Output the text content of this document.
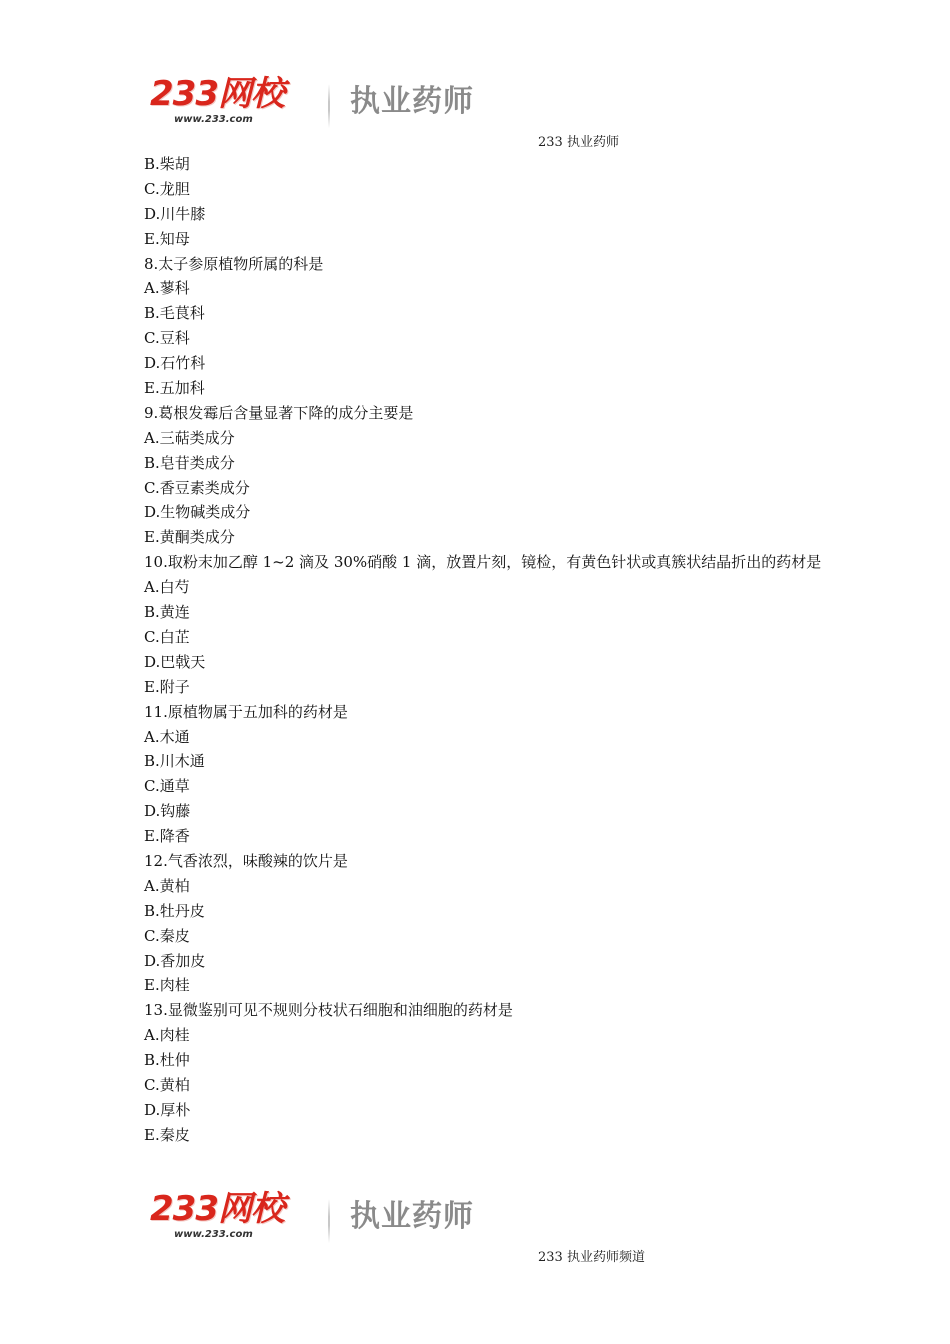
233网校
www.233.com
执业药师
233 执业药师
B.柴胡
C.龙胆
D.川牛膝
E.知母
8.太子参原植物所属的科是
A.蓼科
B.毛茛科
C.豆科
D.石竹科
E.五加科
9.葛根发霉后含量显著下降的成分主要是
A.三萜类成分
B.皂苷类成分
C.香豆素类成分
D.生物碱类成分
E.黄酮类成分
10.取粉末加乙醇 1~2 滴及 30%硝酸 1 滴，放置片刻，镜检，有黄色针状或真簇状结晶折出的药材是
A.白芍
B.黄连
C.白芷
D.巴戟天
E.附子
11.原植物属于五加科的药材是
A.木通
B.川木通
C.通草
D.钩藤
E.降香
12.气香浓烈，味酸辣的饮片是
A.黄柏
B.牡丹皮
C.秦皮
D.香加皮
E.肉桂
13.显微鉴别可见不规则分枝状石细胞和油细胞的药材是
A.肉桂
B.杜仲
C.黄柏
D.厚朴
E.秦皮
233网校
www.233.com
执业药师
233 执业药师频道
